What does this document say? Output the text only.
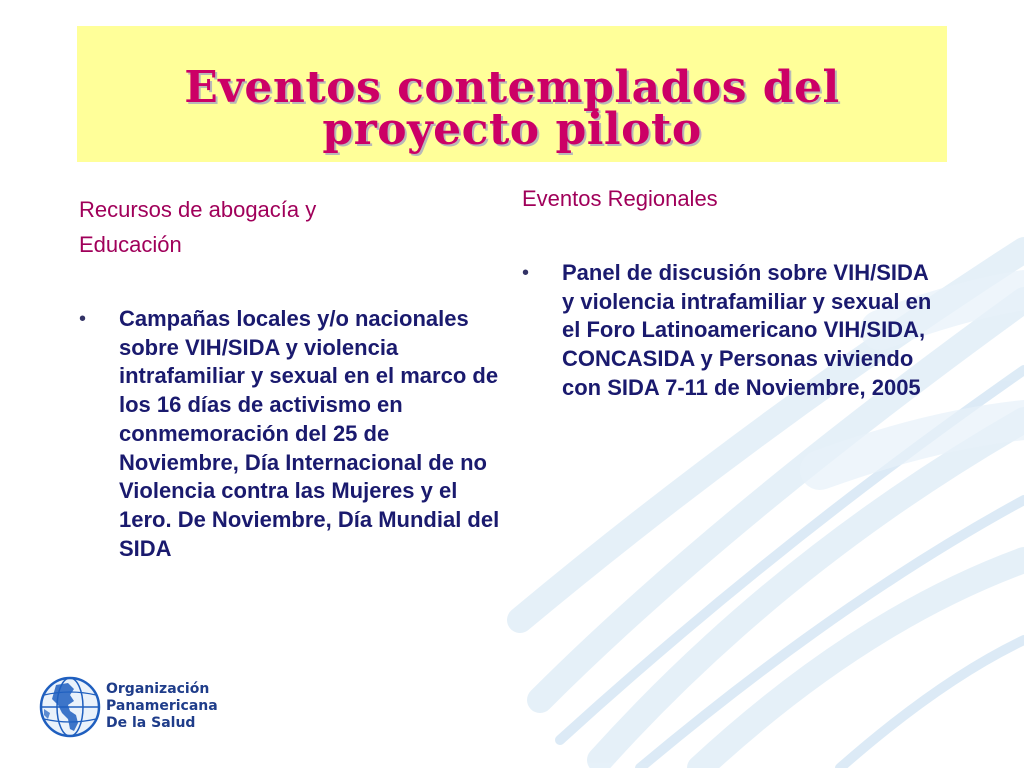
Eventos contemplados del proyecto piloto
Recursos de abogacía y
Educación
• Campañas locales y/o nacionales sobre VIH/SIDA y violencia intrafamiliar y sexual en el marco de los 16 días de activismo en conmemoración del 25 de Noviembre, Día Internacional de no Violencia contra las Mujeres y el 1ero. De Noviembre, Día Mundial del SIDA
Eventos Regionales
• Panel de discusión sobre VIH/SIDA y violencia intrafamiliar y sexual en el Foro Latinoamericano VIH/SIDA, CONCASIDA y Personas viviendo con SIDA 7-11 de Noviembre, 2005
Organización
Panamericana
De la Salud
